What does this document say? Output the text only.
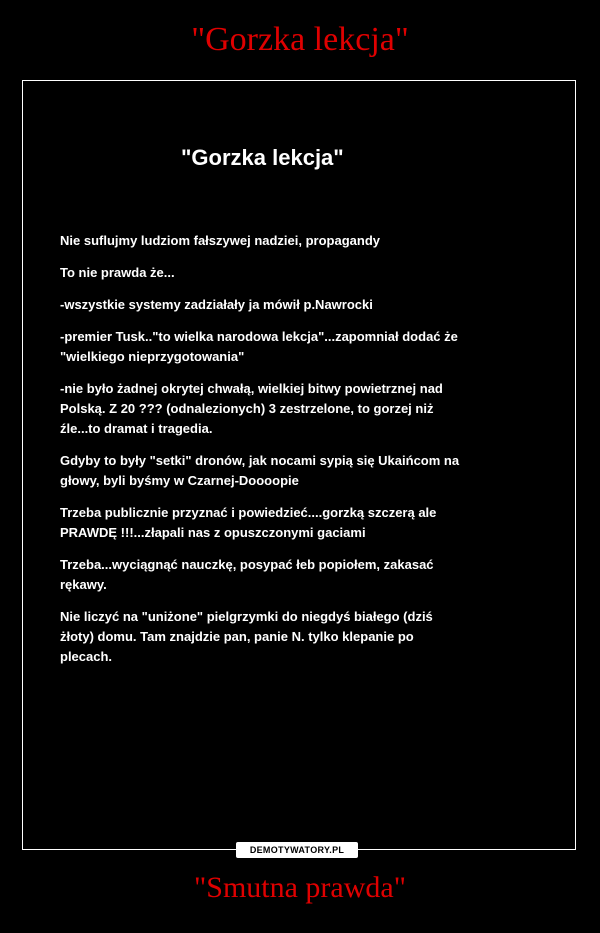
"Gorzka lekcja"
"Gorzka lekcja"

Nie suflujmy ludziom fałszywej nadziei, propagandy

To nie prawda że...

-wszystkie systemy zadziałały ja mówił p.Nawrocki

-premier Tusk.."to wielka narodowa lekcja"...zapomniał dodać że
"wielkiego nieprzygotowania"

-nie było żadnej okrytej chwałą, wielkiej bitwy powietrznej nad
Polską. Z 20 ??? (odnalezionych) 3 zestrzelone, to gorzej niż
źle...to dramat i tragedia.

Gdyby to były "setki" dronów, jak nocami sypią się Ukaińcom na
głowy, byli byśmy w Czarnej-Doooopie

Trzeba publicznie przyznać i powiedzieć....gorzką szczerą ale
PRAWDĘ !!!...złapali nas z opuszczonymi gaciami

Trzeba...wyciągnąć nauczkę, posypać łeb popiołem, zakasać
rękawy.

Nie liczyć na "uniżone" pielgrzymki do niegdyś białego (dziś
żłoty) domu. Tam znajdzie pan, panie N. tylko klepanie po
plecach.

DEMOTYWATORY.PL
"Smutna prawda"
